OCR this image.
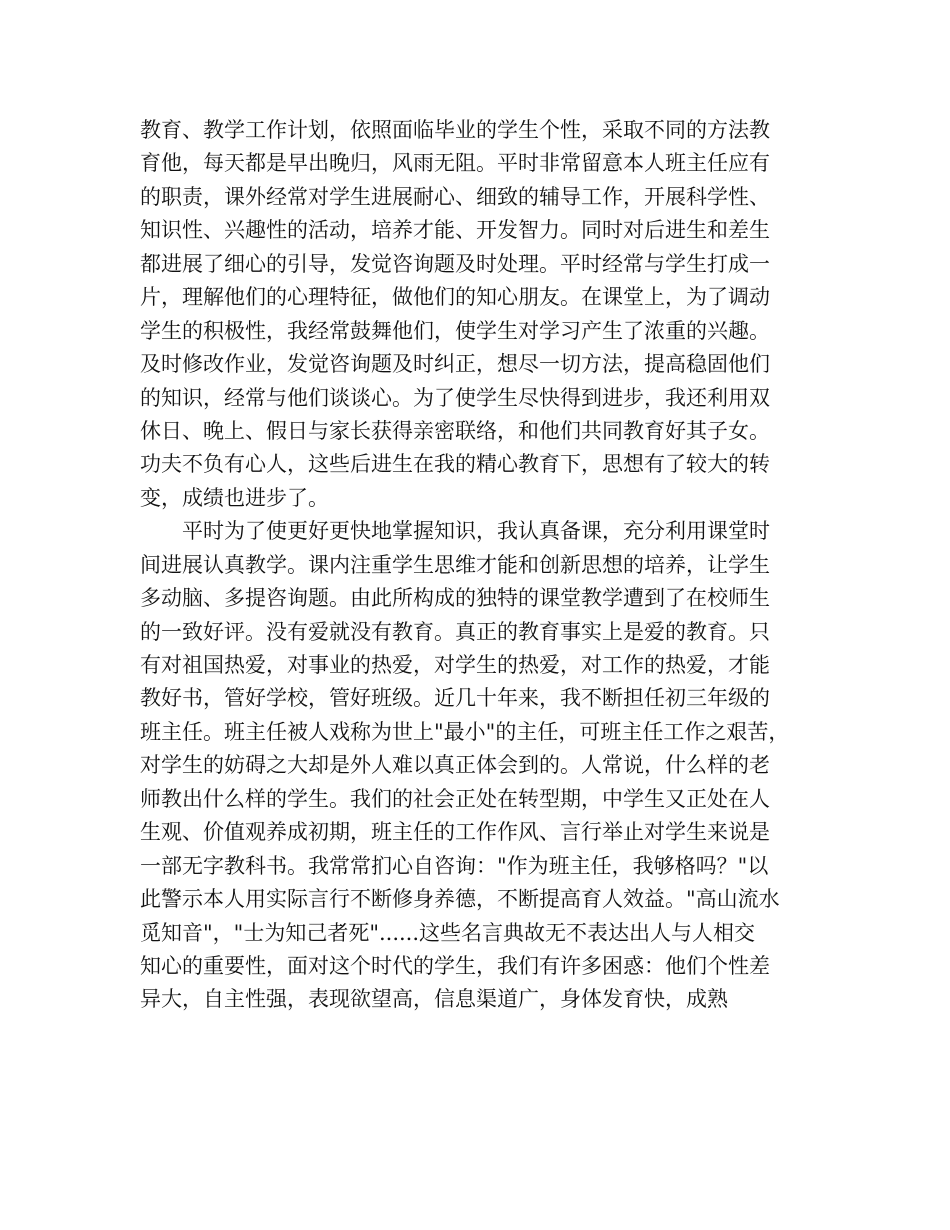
教育、教学工作计划，依照面临毕业的学生个性，采取不同的方法教
育他，每天都是早出晚归，风雨无阻。平时非常留意本人班主任应有
的职责，课外经常对学生进展耐心、细致的辅导工作，开展科学性、
知识性、兴趣性的活动，培养才能、开发智力。同时对后进生和差生
都进展了细心的引导，发觉咨询题及时处理。平时经常与学生打成一
片，理解他们的心理特征，做他们的知心朋友。在课堂上，为了调动
学生的积极性，我经常鼓舞他们，使学生对学习产生了浓重的兴趣。
及时修改作业，发觉咨询题及时纠正，想尽一切方法，提高稳固他们
的知识，经常与他们谈谈心。为了使学生尽快得到进步，我还利用双
休日、晚上、假日与家长获得亲密联络，和他们共同教育好其子女。
功夫不负有心人，这些后进生在我的精心教育下，思想有了较大的转
变，成绩也进步了。
平时为了使更好更快地掌握知识，我认真备课，充分利用课堂时
间进展认真教学。课内注重学生思维才能和创新思想的培养，让学生
多动脑、多提咨询题。由此所构成的独特的课堂教学遭到了在校师生
的一致好评。没有爱就没有教育。真正的教育事实上是爱的教育。只
有对祖国热爱，对事业的热爱，对学生的热爱，对工作的热爱，才能
教好书，管好学校，管好班级。近几十年来，我不断担任初三年级的
班主任。班主任被人戏称为世上"最小"的主任，可班主任工作之艰苦，
对学生的妨碍之大却是外人难以真正体会到的。人常说，什么样的老
师教出什么样的学生。我们的社会正处在转型期，中学生又正处在人
生观、价值观养成初期，班主任的工作作风、言行举止对学生来说是
一部无字教科书。我常常扪心自咨询："作为班主任，我够格吗？"以
此警示本人用实际言行不断修身养德，不断提高育人效益。"高山流水
觅知音"，"士为知己者死"......这些名言典故无不表达出人与人相交
知心的重要性，面对这个时代的学生，我们有许多困惑：他们个性差
异大，自主性强，表现欲望高，信息渠道广，身体发育快，成熟
